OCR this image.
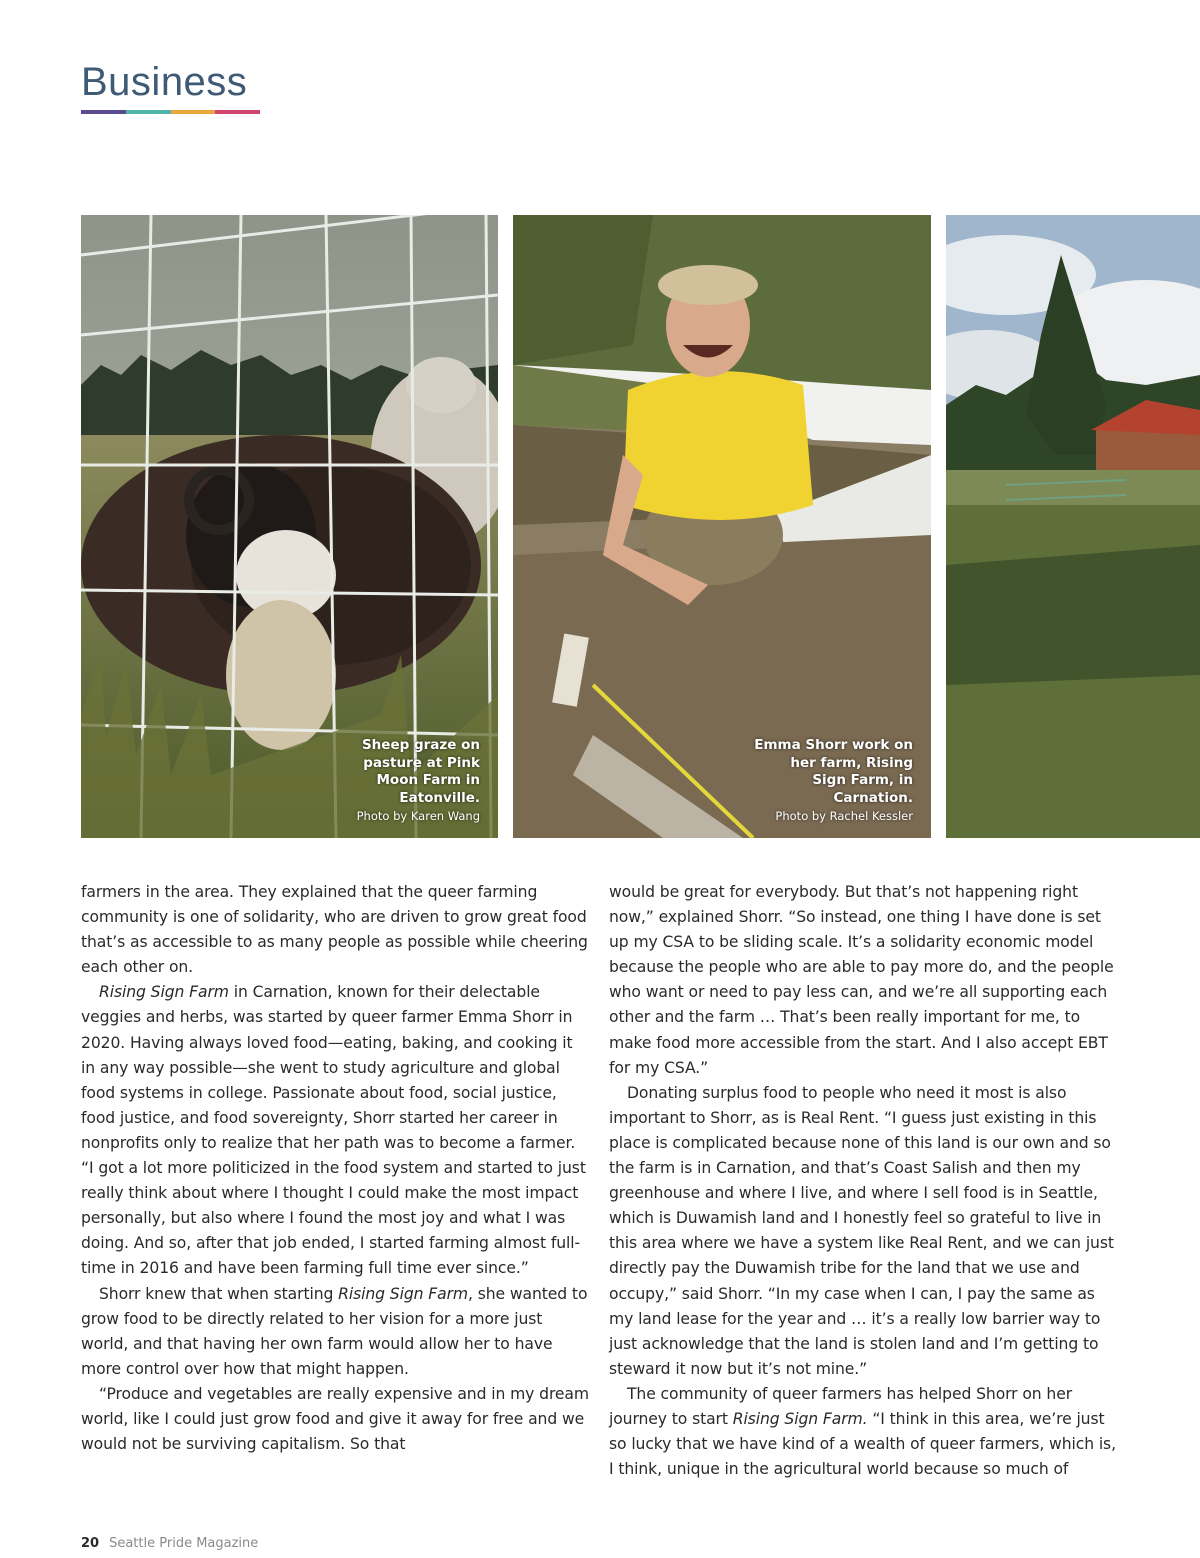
Business
Sheep graze on pasture at Pink Moon Farm in Eatonville.
Photo by Karen Wang
Emma Shorr work on her farm, Rising Sign Farm, in Carnation.
Photo by Rachel Kessler

farmers in the area. They explained that the queer farming community is one of solidarity, who are driven to grow great food that’s as accessible to as many people as possible while cheering each other on.

Rising Sign Farm in Carnation, known for their delectable veggies and herbs, was started by queer farmer Emma Shorr in 2020. Having always loved food—eating, baking, and cooking it in any way possible—she went to study agriculture and global food systems in college. Passionate about food, social justice, food justice, and food sovereignty, Shorr started her career in nonprofits only to realize that her path was to become a farmer. “I got a lot more politicized in the food system and started to just really think about where I thought I could make the most impact personally, but also where I found the most joy and what I was doing. And so, after that job ended, I started farming almost full-time in 2016 and have been farming full time ever since.”

Shorr knew that when starting Rising Sign Farm, she wanted to grow food to be directly related to her vision for a more just world, and that having her own farm would allow her to have more control over how that might happen.

“Produce and vegetables are really expensive and in my dream world, like I could just grow food and give it away for free and we would not be surviving capitalism. So that

would be great for everybody. But that’s not happening right now,” explained Shorr. “So instead, one thing I have done is set up my CSA to be sliding scale. It’s a solidarity economic model because the people who are able to pay more do, and the people who want or need to pay less can, and we’re all supporting each other and the farm … That’s been really important for me, to make food more accessible from the start. And I also accept EBT for my CSA.”

Donating surplus food to people who need it most is also important to Shorr, as is Real Rent. “I guess just existing in this place is complicated because none of this land is our own and so the farm is in Carnation, and that’s Coast Salish and then my greenhouse and where I live, and where I sell food is in Seattle, which is Duwamish land and I honestly feel so grateful to live in this area where we have a system like Real Rent, and we can just directly pay the Duwamish tribe for the land that we use and occupy,” said Shorr. “In my case when I can, I pay the same as my land lease for the year and … it’s a really low barrier way to just acknowledge that the land is stolen land and I’m getting to steward it now but it’s not mine.”

The community of queer farmers has helped Shorr on her journey to start Rising Sign Farm. “I think in this area, we’re just so lucky that we have kind of a wealth of queer farmers, which is, I think, unique in the agricultural world because so much of

20 Seattle Pride Magazine
